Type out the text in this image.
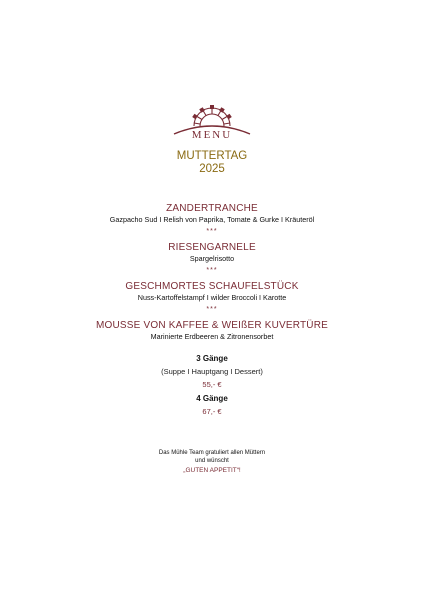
MENU
MUTTERTAG
2025
ZANDERTRANCHE
Gazpacho Sud I Relish von Paprika, Tomate & Gurke I Kräuteröl
***
RIESENGARNELE
Spargelrisotto
***
GESCHMORTES SCHAUFELSTÜCK
Nuss-Kartoffelstampf I wilder Broccoli I Karotte
***
MOUSSE VON KAFFEE & WEIßER KUVERTÜRE
Marinierte Erdbeeren & Zitronensorbet
3 Gänge
(Suppe I Hauptgang I Dessert)
55,- €
4 Gänge
67,- €
Das Mühle Team gratuliert allen Müttern
und wünscht
„GUTEN APPETIT“!
